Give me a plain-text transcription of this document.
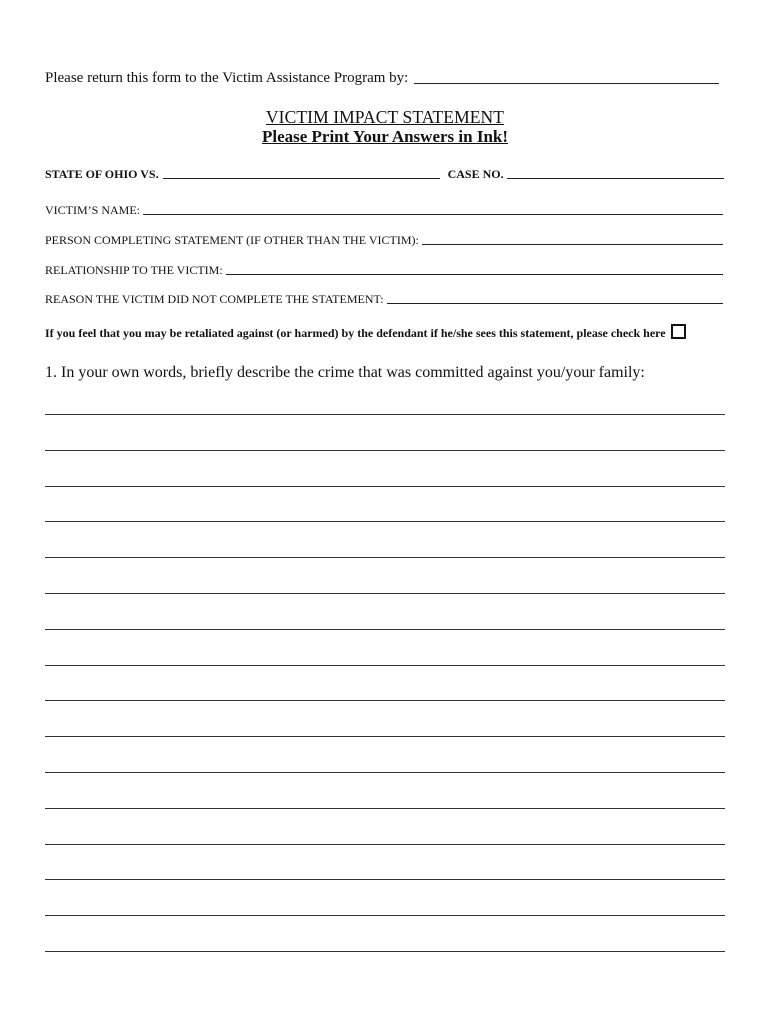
Please return this form to the Victim Assistance Program by:
VICTIM IMPACT STATEMENT
Please Print Your Answers in Ink!
STATE OF OHIO VS.	CASE NO.
VICTIM’S NAME:
PERSON COMPLETING STATEMENT (IF OTHER THAN THE VICTIM):
RELATIONSHIP TO THE VICTIM:
REASON THE VICTIM DID NOT COMPLETE THE STATEMENT:
If you feel that you may be retaliated against (or harmed) by the defendant if he/she sees this statement, please check here
1. In your own words, briefly describe the crime that was committed against you/your family:
